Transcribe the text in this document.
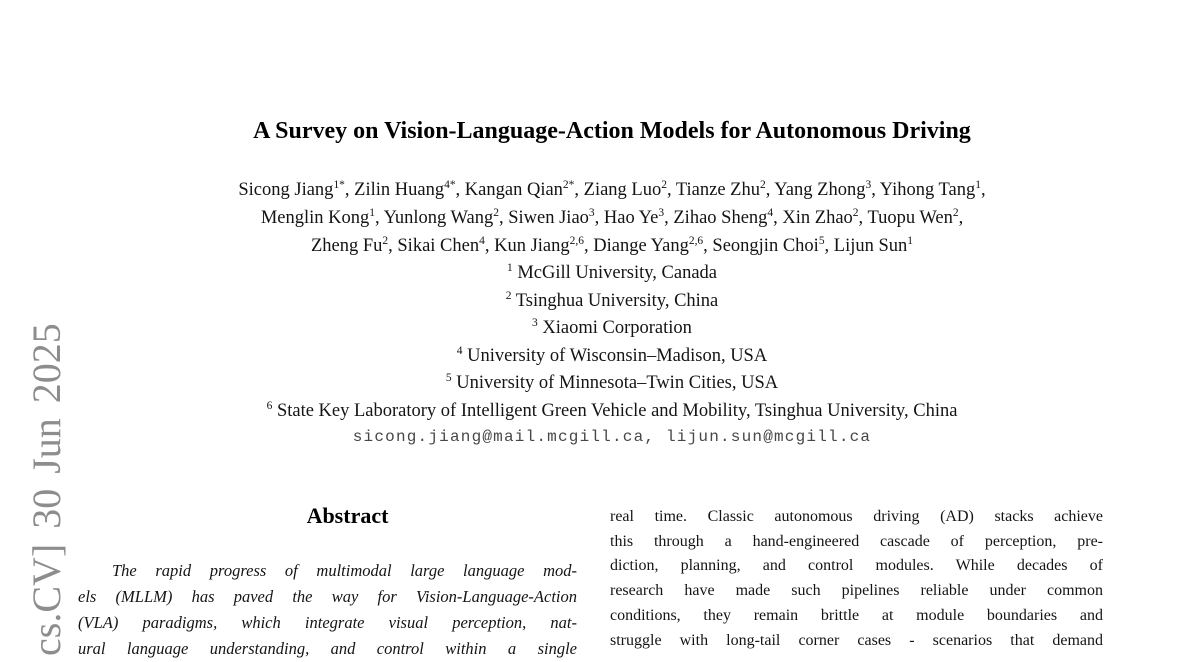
cs.CV] 30 Jun 2025
A Survey on Vision-Language-Action Models for Autonomous Driving
Sicong Jiang$^{1*}$, Zilin Huang$^{4*}$, Kangan Qian$^{2*}$, Ziang Luo$^2$, Tianze Zhu$^2$, Yang Zhong$^3$, Yihong Tang$^1$,
Menglin Kong$^1$, Yunlong Wang$^2$, Siwen Jiao$^3$, Hao Ye$^3$, Zihao Sheng$^4$, Xin Zhao$^2$, Tuopu Wen$^2$,
Zheng Fu$^2$, Sikai Chen$^4$, Kun Jiang$^{2,6}$, Diange Yang$^{2,6}$, Seongjin Choi$^5$, Lijun Sun$^1$
$^1$ McGill University, Canada
$^2$ Tsinghua University, China
$^3$ Xiaomi Corporation
$^4$ University of Wisconsin–Madison, USA
$^5$ University of Minnesota–Twin Cities, USA
$^6$ State Key Laboratory of Intelligent Green Vehicle and Mobility, Tsinghua University, China
sicong.jiang@mail.mcgill.ca, lijun.sun@mcgill.ca
Abstract
The rapid progress of multimodal large language mod-
els (MLLM) has paved the way for Vision-Language-Action
(VLA) paradigms, which integrate visual perception, nat-
ural language understanding, and control within a single
real time. Classic autonomous driving (AD) stacks achieve
this through a hand-engineered cascade of perception, pre-
diction, planning, and control modules. While decades of
research have made such pipelines reliable under common
conditions, they remain brittle at module boundaries and
struggle with long-tail corner cases - scenarios that demand
